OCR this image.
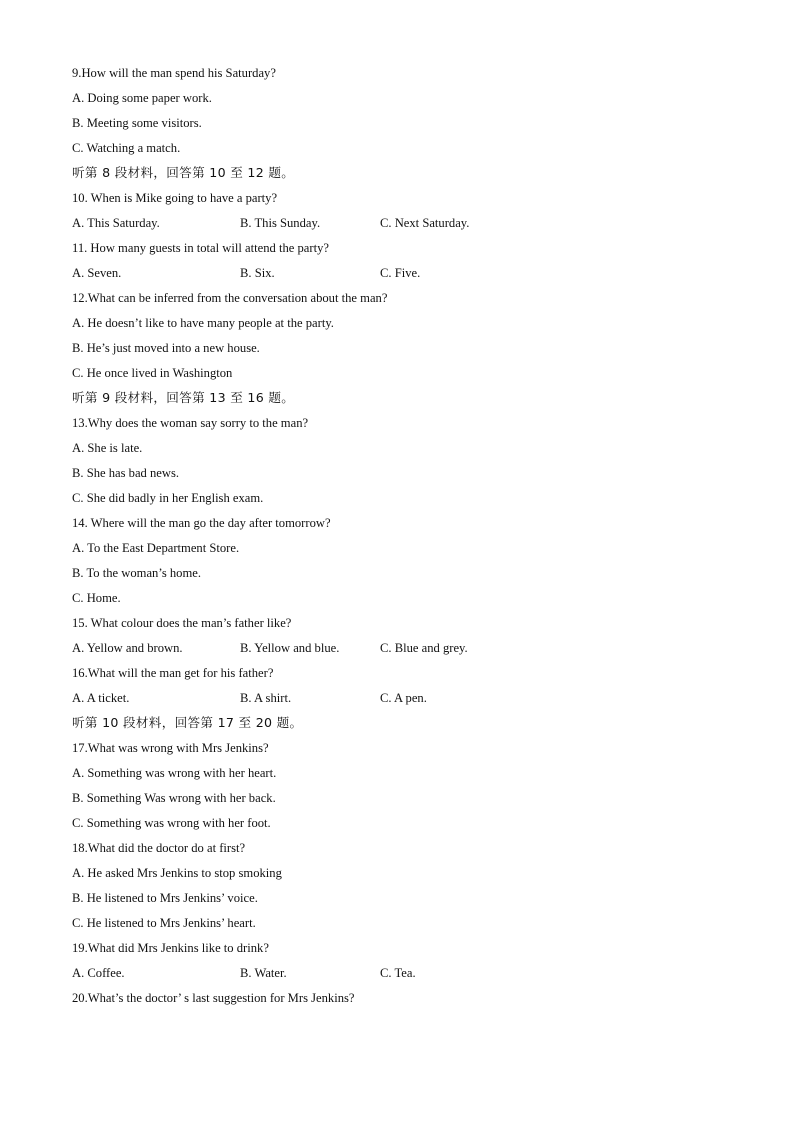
9.How will the man spend his Saturday?
A. Doing some paper work.
B. Meeting some visitors.
C. Watching a match.
听第 8 段材料，回答第 10 至 12 题。
10. When is Mike going to have a party?
A. This Saturday.	B. This Sunday.	C. Next Saturday.
11. How many guests in total will attend the party?
A. Seven.	B. Six.	C. Five.
12.What can be inferred from the conversation about the man?
A. He doesn’t like to have many people at the party.
B. He’s just moved into a new house.
C. He once lived in Washington
听第 9 段材料，回答第 13 至 16 题。
13.Why does the woman say sorry to the man?
A. She is late.
B. She has bad news.
C. She did badly in her English exam.
14. Where will the man go the day after tomorrow?
A. To the East Department Store.
B. To the woman’s home.
C. Home.
15. What colour does the man’s father like?
A. Yellow and brown.	B. Yellow and blue.	C. Blue and grey.
16.What will the man get for his father?
A. A ticket.	B. A shirt.	C. A pen.
听第 10 段材料，回答第 17 至 20 题。
17.What was wrong with Mrs Jenkins?
A. Something was wrong with her heart.
B. Something Was wrong with her back.
C. Something was wrong with her foot.
18.What did the doctor do at first?
A. He asked Mrs Jenkins to stop smoking
B. He listened to Mrs Jenkins’ voice.
C. He listened to Mrs Jenkins’ heart.
19.What did Mrs Jenkins like to drink?
A. Coffee.	B. Water.	C. Tea.
20.What’s the doctor’ s last suggestion for Mrs Jenkins?
